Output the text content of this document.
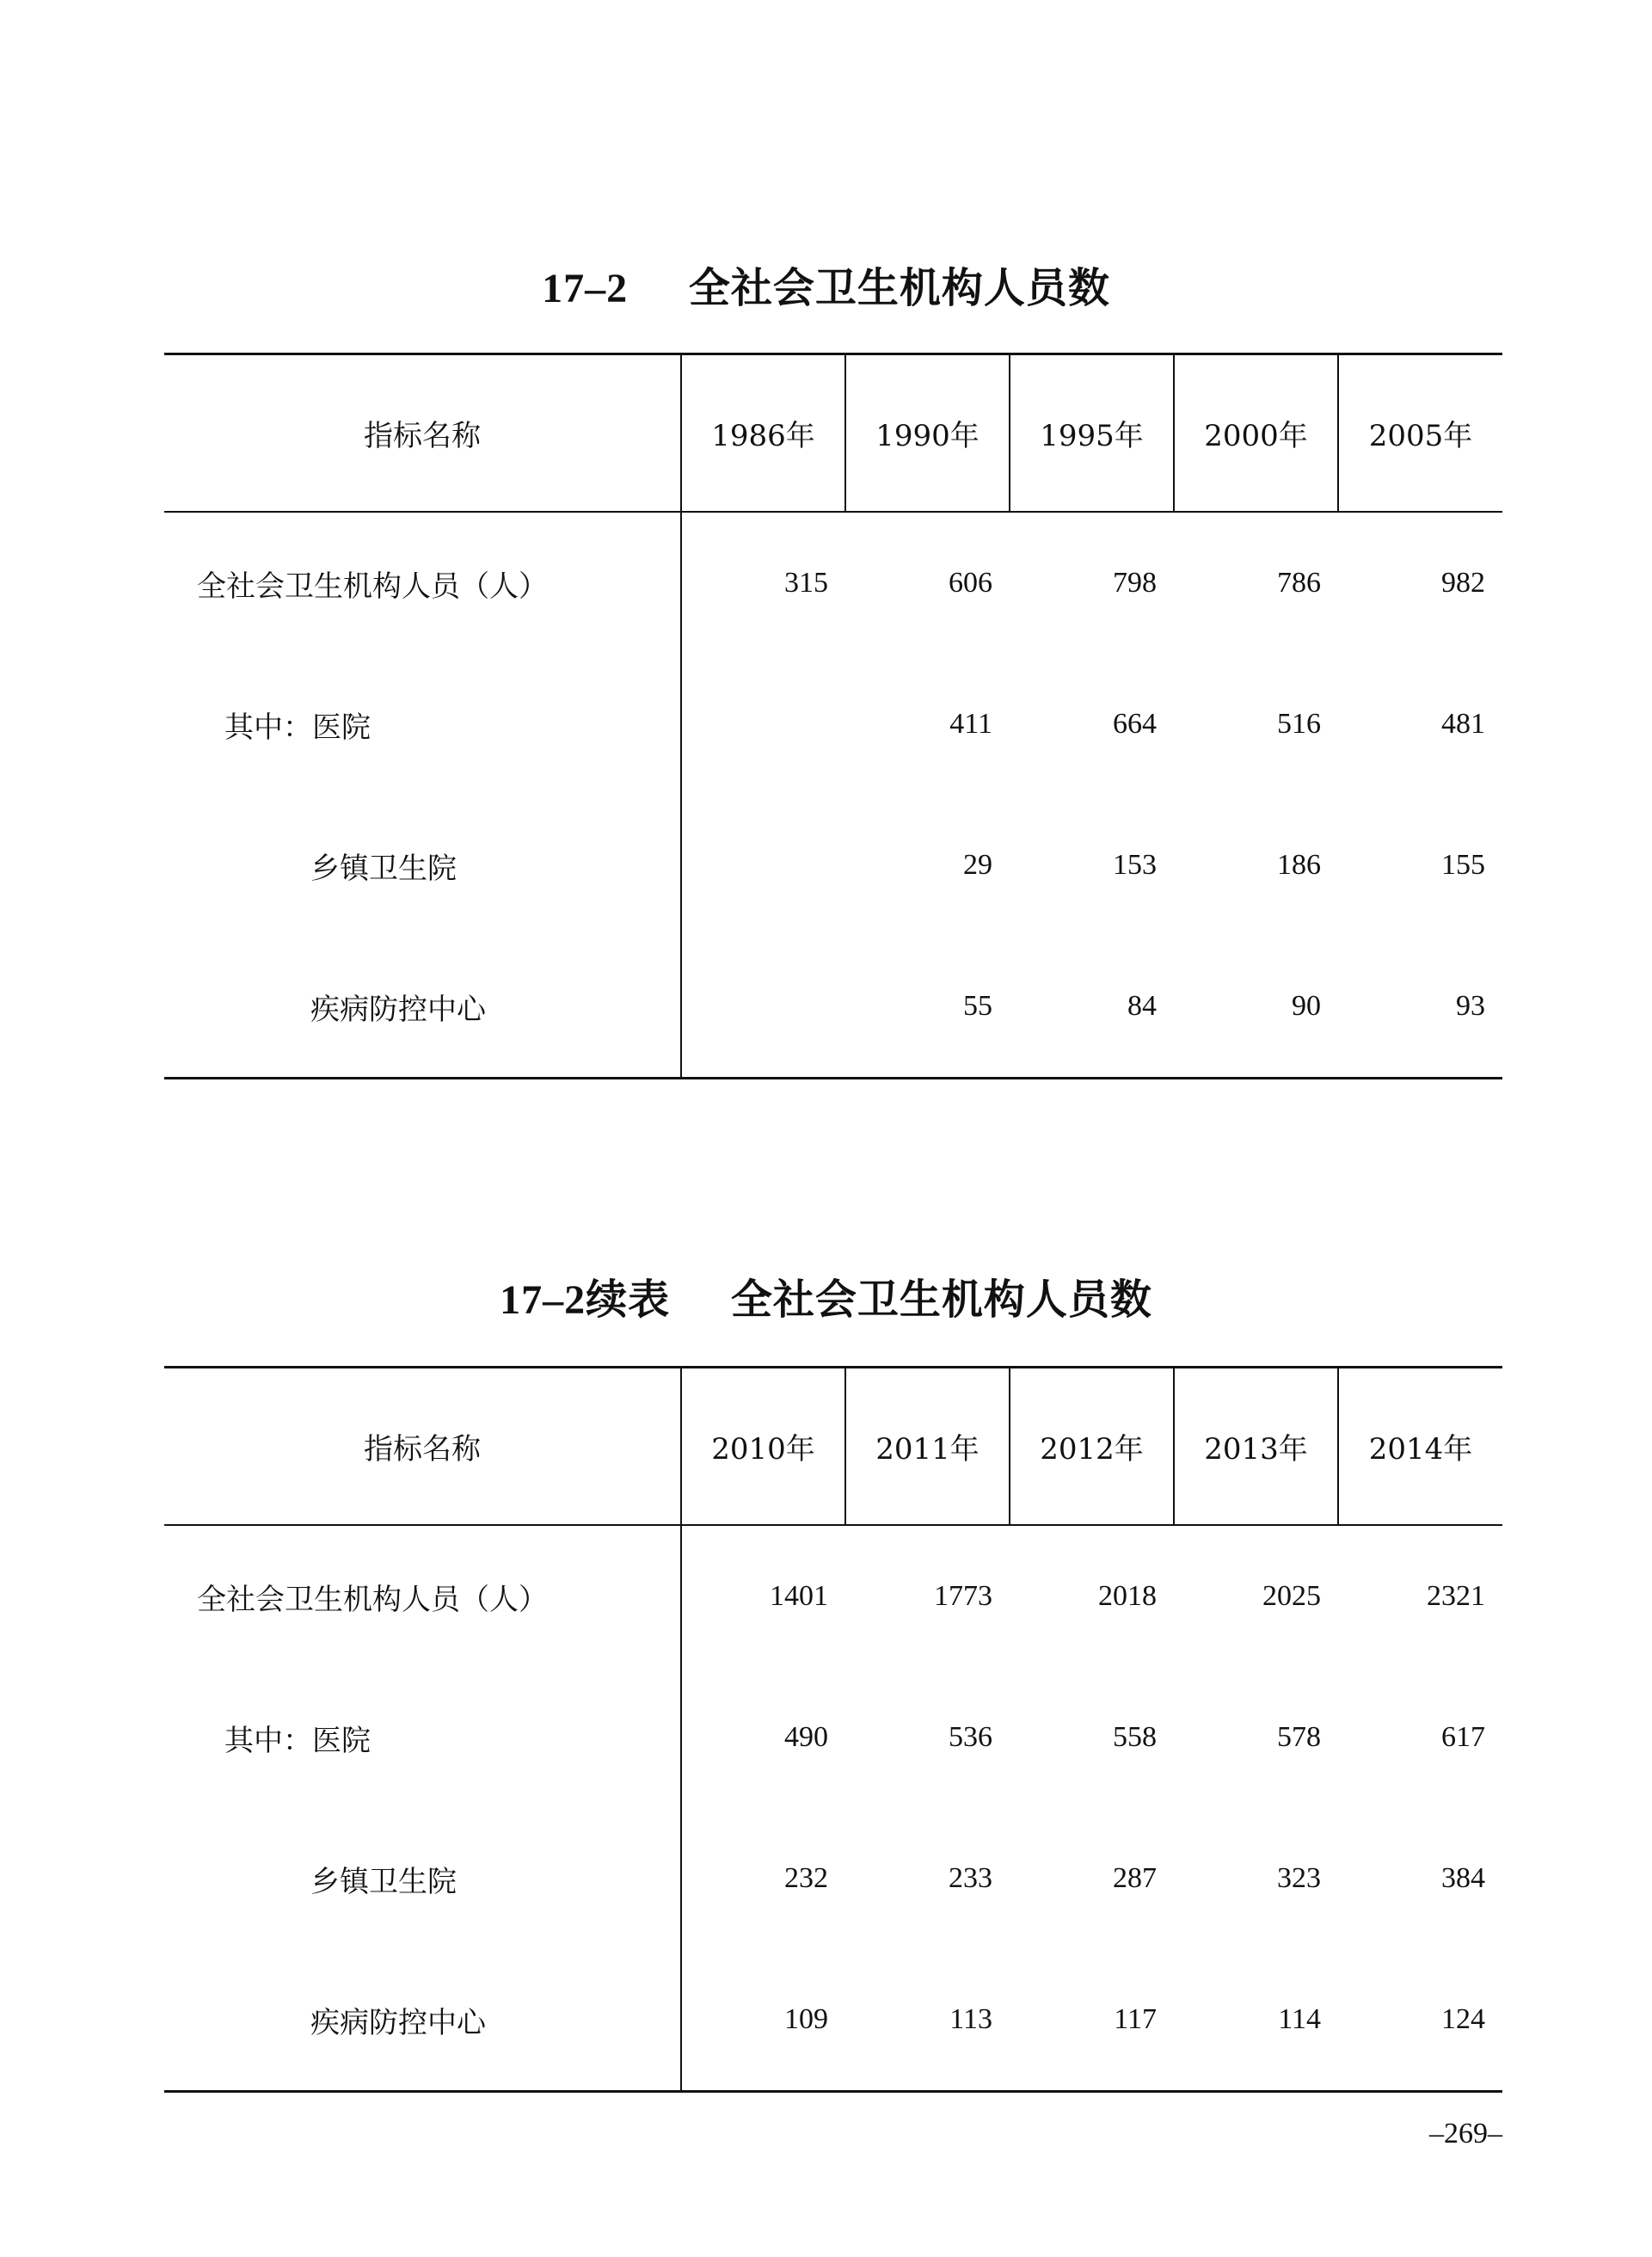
17–2 全社会卫生机构人员数
指标名称	1986年	1990年	1995年	2000年	2005年
全社会卫生机构人员（人）	315	606	798	786	982
其中：医院		411	664	516	481
乡镇卫生院		29	153	186	155
疾病防控中心		55	84	90	93
17–2续表 全社会卫生机构人员数
指标名称	2010年	2011年	2012年	2013年	2014年
全社会卫生机构人员（人）	1401	1773	2018	2025	2321
其中：医院	490	536	558	578	617
乡镇卫生院	232	233	287	323	384
疾病防控中心	109	113	117	114	124
–269–
